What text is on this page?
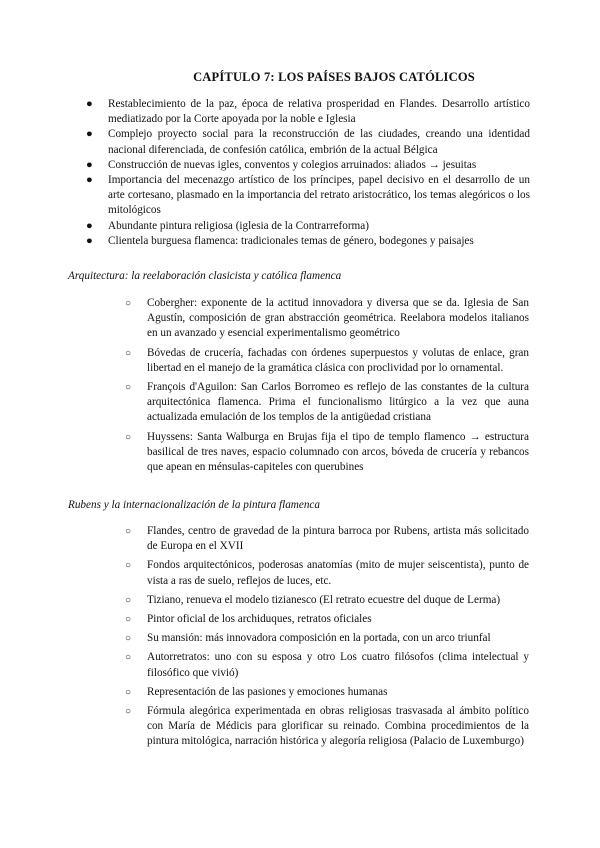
CAPÍTULO 7: LOS PAÍSES BAJOS CATÓLICOS
● Restablecimiento de la paz, época de relativa prosperidad en Flandes. Desarrollo artístico mediatizado por la Corte apoyada por la noble e Iglesia
● Complejo proyecto social para la reconstrucción de las ciudades, creando una identidad nacional diferenciada, de confesión católica, embrión de la actual Bélgica
● Construcción de nuevas igles, conventos y colegios arruinados: aliados → jesuitas
● Importancia del mecenazgo artístico de los príncipes, papel decisivo en el desarrollo de un arte cortesano, plasmado en la importancia del retrato aristocrático, los temas alegóricos o los mitológicos
● Abundante pintura religiosa (iglesia de la Contrarreforma)
● Clientela burguesa flamenca: tradicionales temas de género, bodegones y paisajes
Arquitectura: la reelaboración clasicista y católica flamenca
○	Cobergher: exponente de la actitud innovadora y diversa que se da. Iglesia de San Agustín, composición de gran abstracción geométrica. Reelabora modelos italianos en un avanzado y esencial experimentalismo geométrico
○	Bóvedas de crucería, fachadas con órdenes superpuestos y volutas de enlace, gran libertad en el manejo de la gramática clásica con proclividad por lo ornamental.
○	François d'Aguilon: San Carlos Borromeo es reflejo de las constantes de la cultura arquitectónica flamenca. Prima el funcionalismo litúrgico a la vez que auna actualizada emulación de los templos de la antigüedad cristiana
○	Huyssens: Santa Walburga en Brujas fija el tipo de templo flamenco → estructura basilical de tres naves, espacio columnado con arcos, bóveda de crucería y rebancos que apean en ménsulas-capiteles con querubines
Rubens y la internacionalización de la pintura flamenca
○	Flandes, centro de gravedad de la pintura barroca por Rubens, artista más solicitado de Europa en el XVII
○	Fondos arquitectónicos, poderosas anatomías (mito de mujer seiscentista), punto de vista a ras de suelo, reflejos de luces, etc.
○	Tiziano, renueva el modelo tizianesco (El retrato ecuestre del duque de Lerma)
○	Pintor oficial de los archiduques, retratos oficiales
○	Su mansión: más innovadora composición en la portada, con un arco triunfal
○	Autorretratos: uno con su esposa y otro Los cuatro filósofos (clima intelectual y filosófico que vivió)
○	Representación de las pasiones y emociones humanas
○	Fórmula alegórica experimentada en obras religiosas trasvasada al ámbito político con María de Médicis para glorificar su reinado. Combina procedimientos de la pintura mitológica, narración histórica y alegoría religiosa (Palacio de Luxemburgo)
